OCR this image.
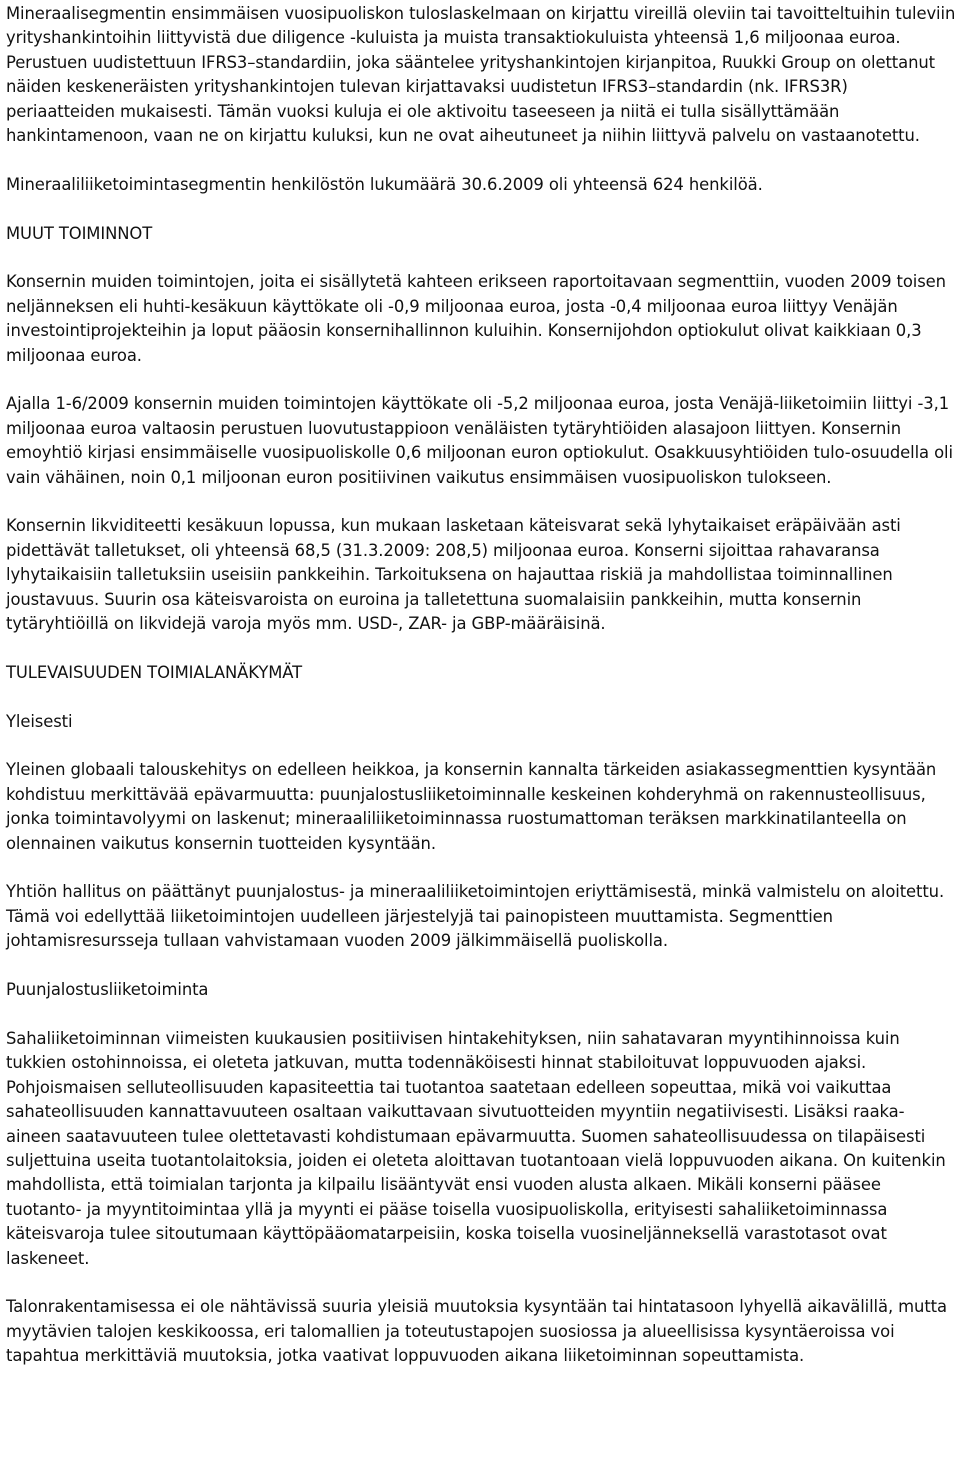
Mineraalisegmentin ensimmäisen vuosipuoliskon tuloslaskelmaan on kirjattu vireillä oleviin tai tavoitteltuihin tuleviin yrityshankintoihin liittyvistä due diligence -kuluista ja muista transaktiokuluista yhteensä 1,6 miljoonaa euroa. Perustuen uudistettuun IFRS3–standardiin, joka sääntelee yrityshankintojen kirjanpitoa, Ruukki Group on olettanut näiden keskeneräisten yrityshankintojen tulevan kirjattavaksi uudistetun IFRS3–standardin (nk. IFRS3R) periaatteiden mukaisesti. Tämän vuoksi kuluja ei ole aktivoitu taseeseen ja niitä ei tulla sisällyttämään hankintamenoon, vaan ne on kirjattu kuluksi, kun ne ovat aiheutuneet ja niihin liittyvä palvelu on vastaanotettu.

Mineraaliliiketoimintasegmentin henkilöstön lukumäärä 30.6.2009 oli yhteensä 624 henkilöä.

MUUT TOIMINNOT

Konsernin muiden toimintojen, joita ei sisällytetä kahteen erikseen raportoitavaan segmenttiin, vuoden 2009 toisen neljänneksen eli huhti-kesäkuun käyttökate oli -0,9 miljoonaa euroa, josta -0,4 miljoonaa euroa liittyy Venäjän investointiprojekteihin ja loput pääosin konsernihallinnon kuluihin. Konsernijohdon optiokulut olivat kaikkiaan 0,3 miljoonaa euroa.

Ajalla 1-6/2009 konsernin muiden toimintojen käyttökate oli -5,2 miljoonaa euroa, josta Venäjä-liiketoimiin liittyi -3,1 miljoonaa euroa valtaosin perustuen luovutustappioon venäläisten tytäryhtiöiden alasajoon liittyen. Konsernin emoyhtiö kirjasi ensimmäiselle vuosipuoliskolle 0,6 miljoonan euron optiokulut. Osakkuusyhtiöiden tulo-osuudella oli vain vähäinen, noin 0,1 miljoonan euron positiivinen vaikutus ensimmäisen vuosipuoliskon tulokseen.

Konsernin likviditeetti kesäkuun lopussa, kun mukaan lasketaan käteisvarat sekä lyhytaikaiset eräpäivään asti pidettävät talletukset, oli yhteensä 68,5 (31.3.2009: 208,5) miljoonaa euroa. Konserni sijoittaa rahavaransa lyhytaikaisiin talletuksiin useisiin pankkeihin. Tarkoituksena on hajauttaa riskiä ja mahdollistaa toiminnallinen joustavuus. Suurin osa käteisvaroista on euroina ja talletettuna suomalaisiin pankkeihin, mutta konsernin tytäryhtiöillä on likvidejä varoja myös mm. USD-, ZAR- ja GBP-määräisinä.

TULEVAISUUDEN TOIMIALANÄKYMÄT

Yleisesti

Yleinen globaali talouskehitys on edelleen heikkoa, ja konsernin kannalta tärkeiden asiakassegmenttien kysyntään kohdistuu merkittävää epävarmuutta: puunjalostusliiketoiminnalle keskeinen kohderyhmä on rakennusteollisuus, jonka toimintavolyymi on laskenut; mineraaliliiketoiminnassa ruostumattoman teräksen markkinatilanteella on olennainen vaikutus konsernin tuotteiden kysyntään.

Yhtiön hallitus on päättänyt puunjalostus- ja mineraaliliiketoimintojen eriyttämisestä, minkä valmistelu on aloitettu. Tämä voi edellyttää liiketoimintojen uudelleen järjestelyjä tai painopisteen muuttamista. Segmenttien johtamisresursseja tullaan vahvistamaan vuoden 2009 jälkimmäisellä puoliskolla.

Puunjalostusliiketoiminta

Sahaliiketoiminnan viimeisten kuukausien positiivisen hintakehityksen, niin sahatavaran myyntihinnoissa kuin tukkien ostohinnoissa, ei oleteta jatkuvan, mutta todennäköisesti hinnat stabiloituvat loppuvuoden ajaksi. Pohjoismaisen selluteollisuuden kapasiteettia tai tuotantoa saatetaan edelleen sopeuttaa, mikä voi vaikuttaa sahateollisuuden kannattavuuteen osaltaan vaikuttavaan sivutuotteiden myyntiin negatiivisesti. Lisäksi raaka-aineen saatavuuteen tulee olettetavasti kohdistumaan epävarmuutta. Suomen sahateollisuudessa on tilapäisesti suljettuina useita tuotantolaitoksia, joiden ei oleteta aloittavan tuotantoaan vielä loppuvuoden aikana. On kuitenkin mahdollista, että toimialan tarjonta ja kilpailu lisääntyvät ensi vuoden alusta alkaen. Mikäli konserni pääsee tuotanto- ja myyntitoimintaa yllä ja myynti ei pääse toisella vuosipuoliskolla, erityisesti sahaliiketoiminnassa käteisvaroja tulee sitoutumaan käyttöpääomatarpeisiin, koska toisella vuosineljänneksellä varastotasot ovat laskeneet.

Talonrakentamisessa ei ole nähtävissä suuria yleisiä muutoksia kysyntään tai hintatasoon lyhyellä aikavälillä, mutta myytävien talojen keskikoossa, eri talomallien ja toteutustapojen suosiossa ja alueellisissa kysyntäeroissa voi tapahtua merkittäviä muutoksia, jotka vaativat loppuvuoden aikana liiketoiminnan sopeuttamista.
